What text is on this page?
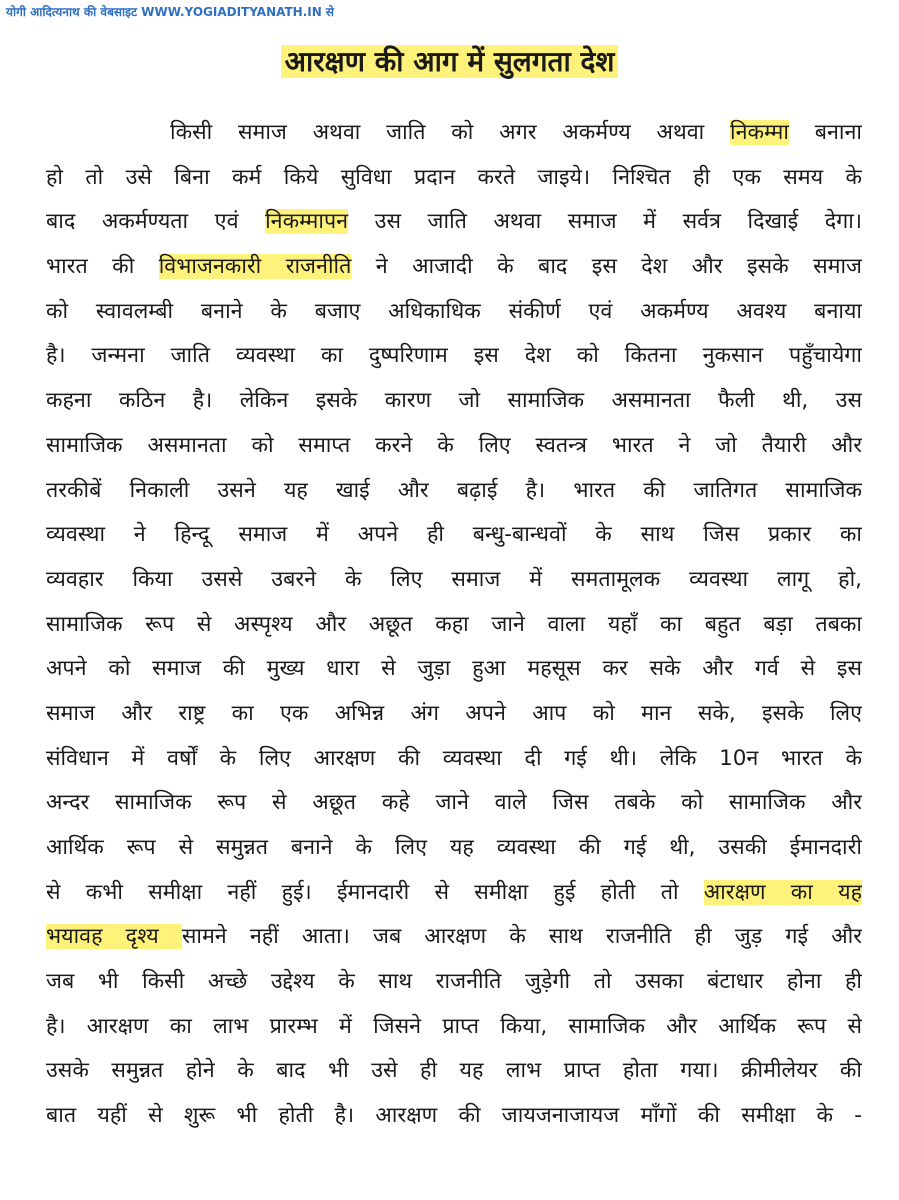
योगी आदित्यनाथ की वेबसाइट WWW.YOGIADITYANATH.IN से
आरक्षण की आग में सुलगता देश
किसी समाज अथवा जाति को अगर अकर्मण्य अथवा निकम्मा बनाना
हो तो उसे बिना कर्म किये सुविधा प्रदान करते जाइये। निश्चित ही एक समय के
बाद अकर्मण्यता एवं निकम्मापन उस जाति अथवा समाज में सर्वत्र दिखाई देगा।
भारत की विभाजनकारी राजनीति ने आजादी के बाद इस देश और इसके समाज
को स्वावलम्बी बनाने के बजाए अधिकाधिक संकीर्ण एवं अकर्मण्य अवश्य बनाया
है। जन्मना जाति व्यवस्था का दुष्परिणाम इस देश को कितना नुकसान पहुँचायेगा
कहना कठिन है। लेकिन इसके कारण जो सामाजिक असमानता फैली थी, उस
सामाजिक असमानता को समाप्त करने के लिए स्वतन्त्र भारत ने जो तैयारी और
तरकीबें निकाली उसने यह खाई और बढ़ाई है। भारत की जातिगत सामाजिक
व्यवस्था ने हिन्दू समाज में अपने ही बन्धु-बान्धवों के साथ जिस प्रकार का
व्यवहार किया उससे उबरने के लिए समाज में समतामूलक व्यवस्था लागू हो,
सामाजिक रूप से अस्पृश्य और अछूत कहा जाने वाला यहाँ का बहुत बड़ा तबका
अपने को समाज की मुख्य धारा से जुड़ा हुआ महसूस कर सके और गर्व से इस
समाज और राष्ट्र का एक अभिन्न अंग अपने आप को मान सके, इसके लिए
संविधान में वर्षों के लिए आरक्षण की व्यवस्था दी गई थी। लेकि 10न भारत के
अन्दर सामाजिक रूप से अछूत कहे जाने वाले जिस तबके को सामाजिक और
आर्थिक रूप से समुन्नत बनाने के लिए यह व्यवस्था की गई थी, उसकी ईमानदारी
से कभी समीक्षा नहीं हुई। ईमानदारी से समीक्षा हुई होती तो आरक्षण का यह
भयावह दृश्य सामने नहीं आता। जब आरक्षण के साथ राजनीति ही जुड़ गई और
जब भी किसी अच्छे उद्देश्य के साथ राजनीति जुड़ेगी तो उसका बंटाधार होना ही
है। आरक्षण का लाभ प्रारम्भ में जिसने प्राप्त किया, सामाजिक और आर्थिक रूप से
उसके समुन्नत होने के बाद भी उसे ही यह लाभ प्राप्त होता गया। क्रीमीलेयर की
बात यहीं से शुरू भी होती है। आरक्षण की जायजनाजायज माँगों की समीक्षा के -
